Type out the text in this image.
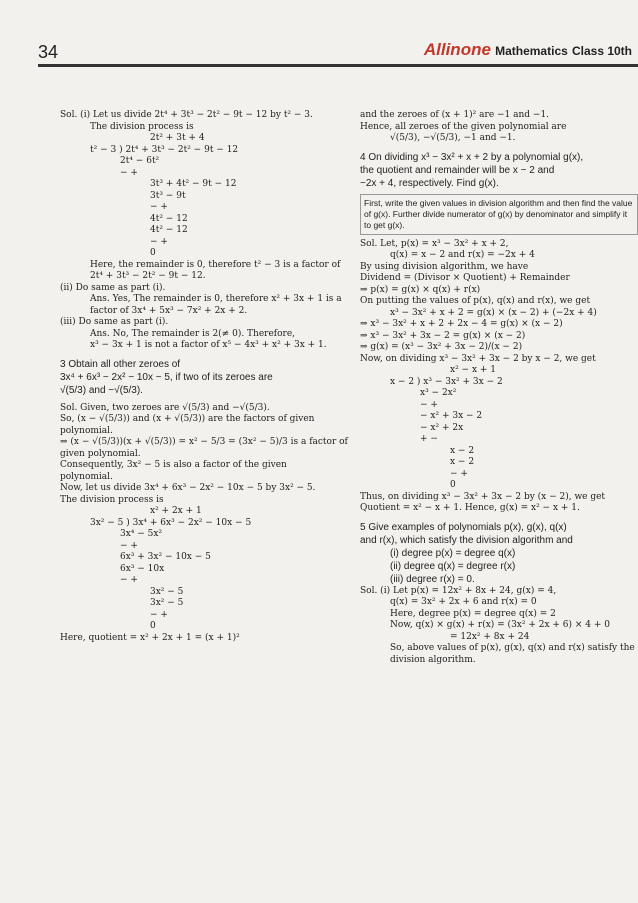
34	Allinone Mathematics Class 10th
Sol. (i) Let us divide 2t⁴ + 3t³ − 2t² − 9t − 12 by t² − 3.
The division process is
2t² + 3t + 4
t² − 3 ) 2t⁴ + 3t³ − 2t² − 9t − 12
2t⁴ − 6t²
− +
3t³ + 4t² − 9t − 12
3t³ − 9t
− +
4t² − 12
4t² − 12
− +
0
Here, the remainder is 0, therefore t² − 3 is a factor of
2t⁴ + 3t³ − 2t² − 9t − 12.
(ii) Do same as part (i).
Ans. Yes, The remainder is 0, therefore x² + 3x + 1 is a
factor of 3x⁴ + 5x³ − 7x² + 2x + 2.
(iii) Do same as part (i).
Ans. No, The remainder is 2(≠ 0). Therefore,
x³ − 3x + 1 is not a factor of x⁵ − 4x³ + x² + 3x + 1.
3 Obtain all other zeroes of
3x⁴ + 6x³ − 2x² − 10x − 5, if two of its zeroes are
√(5/3) and −√(5/3).
Sol. Given, two zeroes are √(5/3) and −√(5/3).
So, (x − √(5/3)) and (x + √(5/3)) are the factors of given
polynomial.
⇒ (x − √(5/3))(x + √(5/3)) = x² − 5/3 = (3x² − 5)/3 is a factor of
given polynomial.
Consequently, 3x² − 5 is also a factor of the given
polynomial.
Now, let us divide 3x⁴ + 6x³ − 2x² − 10x − 5 by 3x² − 5.
The division process is
x² + 2x + 1
3x² − 5 ) 3x⁴ + 6x³ − 2x² − 10x − 5
3x⁴ − 5x²
− +
6x³ + 3x² − 10x − 5
6x³ − 10x
− +
3x² − 5
3x² − 5
− +
0
Here, quotient = x² + 2x + 1 = (x + 1)²
and the zeroes of (x + 1)² are −1 and −1.
Hence, all zeroes of the given polynomial are
√(5/3), −√(5/3), −1 and −1.
4 On dividing x³ − 3x² + x + 2 by a polynomial g(x),
the quotient and remainder will be x − 2 and
−2x + 4, respectively. Find g(x).
First, write the given values in division algorithm and then find the value of g(x). Further divide numerator of g(x) by denominator and simplify it to get g(x).
Sol. Let, p(x) = x³ − 3x² + x + 2,
q(x) = x − 2 and r(x) = −2x + 4
By using division algorithm, we have
Dividend = (Divisor × Quotient) + Remainder
⇒ p(x) = g(x) × q(x) + r(x)
On putting the values of p(x), q(x) and r(x), we get
x³ − 3x² + x + 2 = g(x) × (x − 2) + (−2x + 4)
⇒ x³ − 3x² + x + 2 + 2x − 4 = g(x) × (x − 2)
⇒ x³ − 3x² + 3x − 2 = g(x) × (x − 2)
⇒ g(x) = (x³ − 3x² + 3x − 2)/(x − 2)
Now, on dividing x³ − 3x² + 3x − 2 by x − 2, we get
x² − x + 1
x − 2 ) x³ − 3x² + 3x − 2
x³ − 2x²
− +
− x² + 3x − 2
− x² + 2x
+ −
x − 2
x − 2
− +
0
Thus, on dividing x³ − 3x² + 3x − 2 by (x − 2), we get
Quotient = x² − x + 1. Hence, g(x) = x² − x + 1.
5 Give examples of polynomials p(x), g(x), q(x)
and r(x), which satisfy the division algorithm and
(i) degree p(x) = degree q(x)
(ii) degree q(x) = degree r(x)
(iii) degree r(x) = 0.
Sol. (i) Let p(x) = 12x² + 8x + 24, g(x) = 4,
q(x) = 3x² + 2x + 6 and r(x) = 0
Here, degree p(x) = degree q(x) = 2
Now, q(x) × g(x) + r(x) = (3x² + 2x + 6) × 4 + 0
= 12x² + 8x + 24
So, above values of p(x), g(x), q(x) and r(x) satisfy the
division algorithm.
